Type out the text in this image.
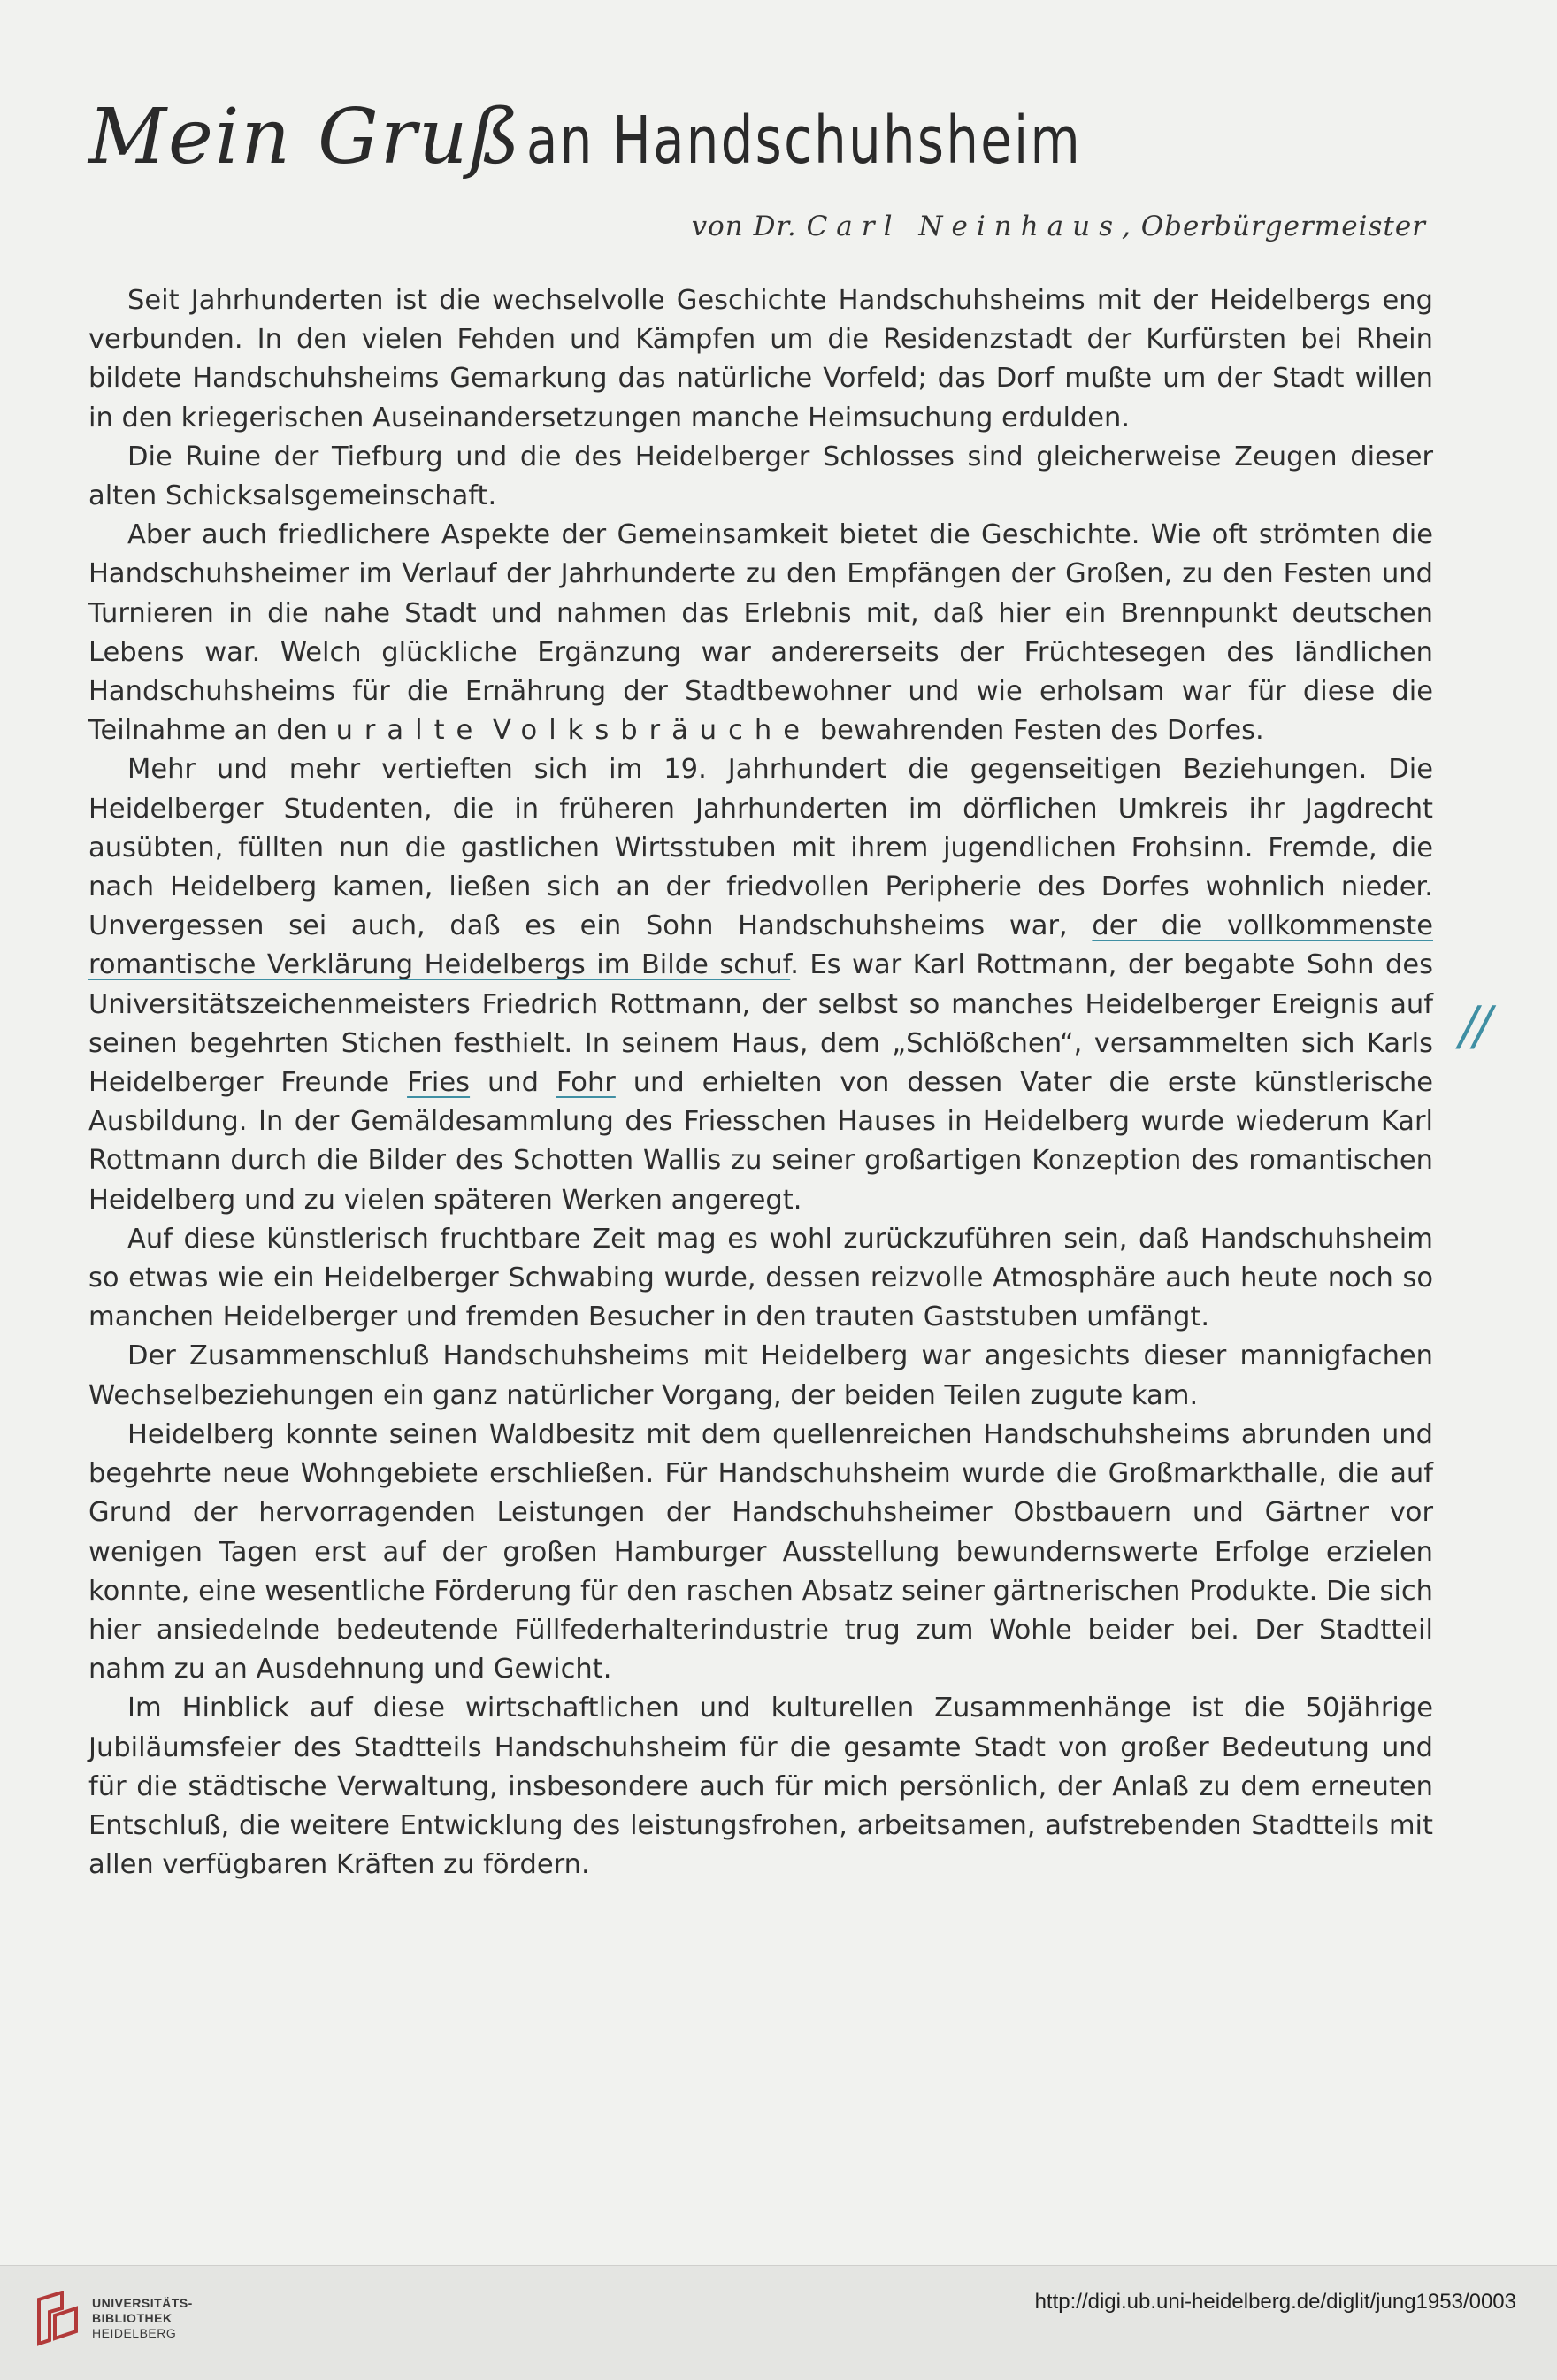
Mein Gruß an Handschuhsheim
von Dr. Carl Neinhaus, Oberbürgermeister

Seit Jahrhunderten ist die wechselvolle Geschichte Handschuhsheims mit der Heidelbergs eng verbunden. In den vielen Fehden und Kämpfen um die Residenzstadt der Kurfürsten bei Rhein bildete Handschuhsheims Gemarkung das natürliche Vorfeld; das Dorf mußte um der Stadt willen in den kriegerischen Auseinandersetzungen manche Heimsuchung erdulden.

Die Ruine der Tiefburg und die des Heidelberger Schlosses sind gleicherweise Zeugen dieser alten Schicksalsgemeinschaft.

Aber auch friedlichere Aspekte der Gemeinsamkeit bietet die Geschichte. Wie oft strömten die Handschuhsheimer im Verlauf der Jahrhunderte zu den Empfängen der Großen, zu den Festen und Turnieren in die nahe Stadt und nahmen das Erlebnis mit, daß hier ein Brennpunkt deutschen Lebens war. Welch glückliche Ergänzung war andererseits der Früchtesegen des ländlichen Handschuhsheims für die Ernährung der Stadtbewohner und wie erholsam war für diese die Teilnahme an den uralte Volksbräuche bewahrenden Festen des Dorfes.

Mehr und mehr vertieften sich im 19. Jahrhundert die gegenseitigen Beziehungen. Die Heidelberger Studenten, die in früheren Jahrhunderten im dörflichen Umkreis ihr Jagdrecht ausübten, füllten nun die gastlichen Wirtsstuben mit ihrem jugendlichen Frohsinn. Fremde, die nach Heidelberg kamen, ließen sich an der friedvollen Peripherie des Dorfes wohnlich nieder. Unvergessen sei auch, daß es ein Sohn Handschuhsheims war, der die vollkommenste romantische Verklärung Heidelbergs im Bilde schuf. Es war Karl Rottmann, der begabte Sohn des Universitätszeichenmeisters Friedrich Rottmann, der selbst so manches Heidelberger Ereignis auf seinen begehrten Stichen festhielt. In seinem Haus, dem „Schlößchen“, versammelten sich Karls Heidelberger Freunde Fries und Fohr und erhielten von dessen Vater die erste künstlerische Ausbildung. In der Gemäldesammlung des Friesschen Hauses in Heidelberg wurde wiederum Karl Rottmann durch die Bilder des Schotten Wallis zu seiner großartigen Konzeption des romantischen Heidelberg und zu vielen späteren Werken angeregt.

Auf diese künstlerisch fruchtbare Zeit mag es wohl zurückzuführen sein, daß Handschuhsheim so etwas wie ein Heidelberger Schwabing wurde, dessen reizvolle Atmosphäre auch heute noch so manchen Heidelberger und fremden Besucher in den trauten Gaststuben umfängt.

Der Zusammenschluß Handschuhsheims mit Heidelberg war angesichts dieser mannigfachen Wechselbeziehungen ein ganz natürlicher Vorgang, der beiden Teilen zugute kam.

Heidelberg konnte seinen Waldbesitz mit dem quellenreichen Handschuhsheims abrunden und begehrte neue Wohngebiete erschließen. Für Handschuhsheim wurde die Großmarkthalle, die auf Grund der hervorragenden Leistungen der Handschuhsheimer Obstbauern und Gärtner vor wenigen Tagen erst auf der großen Hamburger Ausstellung bewundernswerte Erfolge erzielen konnte, eine wesentliche Förderung für den raschen Absatz seiner gärtnerischen Produkte. Die sich hier ansiedelnde bedeutende Füllfederhalterindustrie trug zum Wohle beider bei. Der Stadtteil nahm zu an Ausdehnung und Gewicht.

Im Hinblick auf diese wirtschaftlichen und kulturellen Zusammenhänge ist die 50jährige Jubiläumsfeier des Stadtteils Handschuhsheim für die gesamte Stadt von großer Bedeutung und für die städtische Verwaltung, insbesondere auch für mich persönlich, der Anlaß zu dem erneuten Entschluß, die weitere Entwicklung des leistungsfrohen, arbeitsamen, aufstrebenden Stadtteils mit allen verfügbaren Kräften zu fördern.

//
UNIVERSITÄTS-
BIBLIOTHEK
HEIDELBERG
http://digi.ub.uni-heidelberg.de/diglit/jung1953/0003
